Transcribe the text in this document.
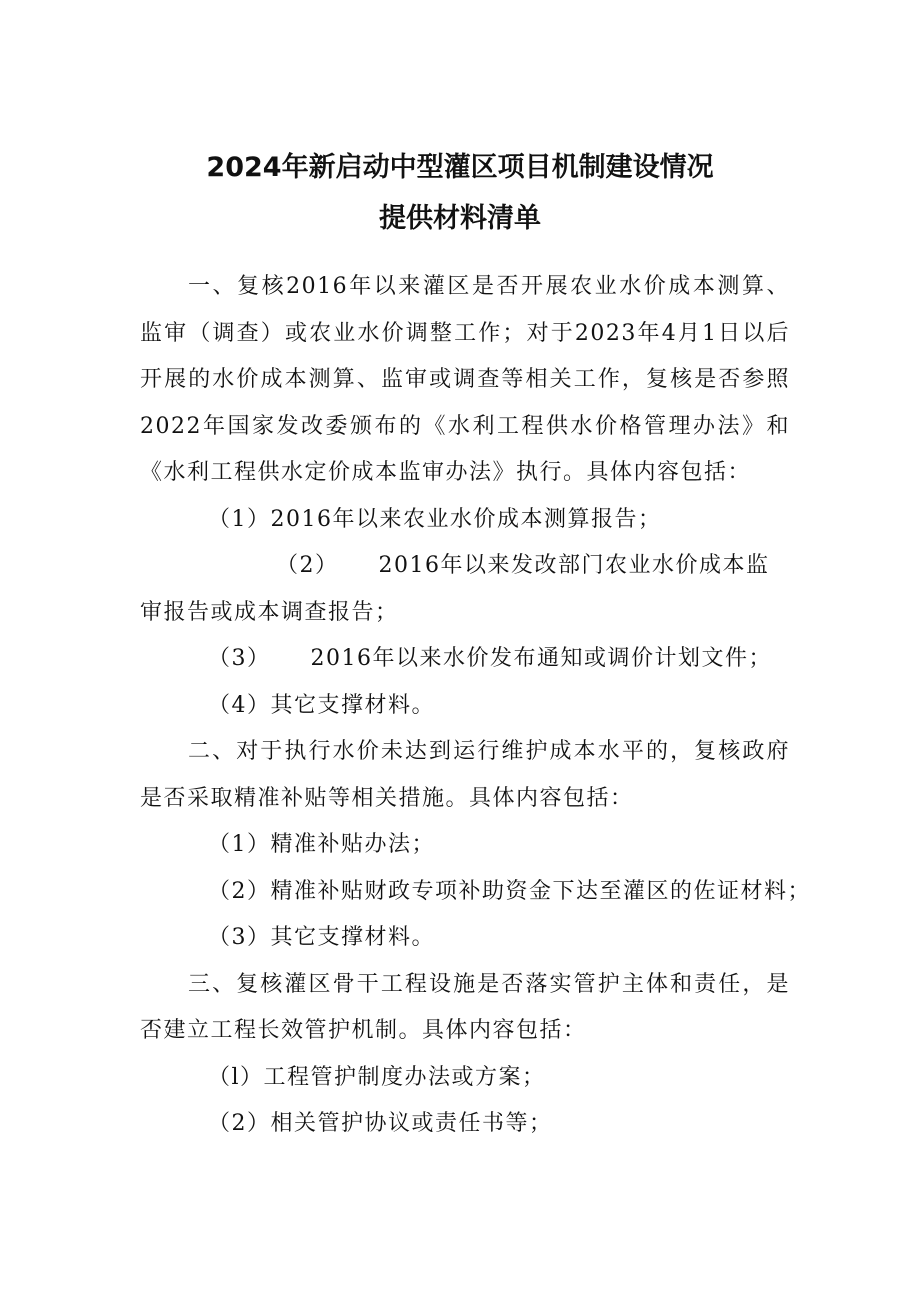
2024年新启动中型灌区项目机制建设情况
提供材料清单

一、复核2016年以来灌区是否开展农业水价成本测算、监审（调查）或农业水价调整工作；对于2023年4月1日以后开展的水价成本测算、监审或调查等相关工作，复核是否参照2022年国家发改委颁布的《水利工程供水价格管理办法》和《水利工程供水定价成本监审办法》执行。具体内容包括：

（1）2016年以来农业水价成本测算报告；

（2） 2016年以来发改部门农业水价成本监审报告或成本调查报告；

（3） 2016年以来水价发布通知或调价计划文件；

（4）其它支撑材料。

二、对于执行水价未达到运行维护成本水平的，复核政府是否采取精准补贴等相关措施。具体内容包括：

（1）精准补贴办法；

（2）精准补贴财政专项补助资金下达至灌区的佐证材料；

（3）其它支撑材料。

三、复核灌区骨干工程设施是否落实管护主体和责任，是否建立工程长效管护机制。具体内容包括：

（l）工程管护制度办法或方案；

（2）相关管护协议或责任书等；
